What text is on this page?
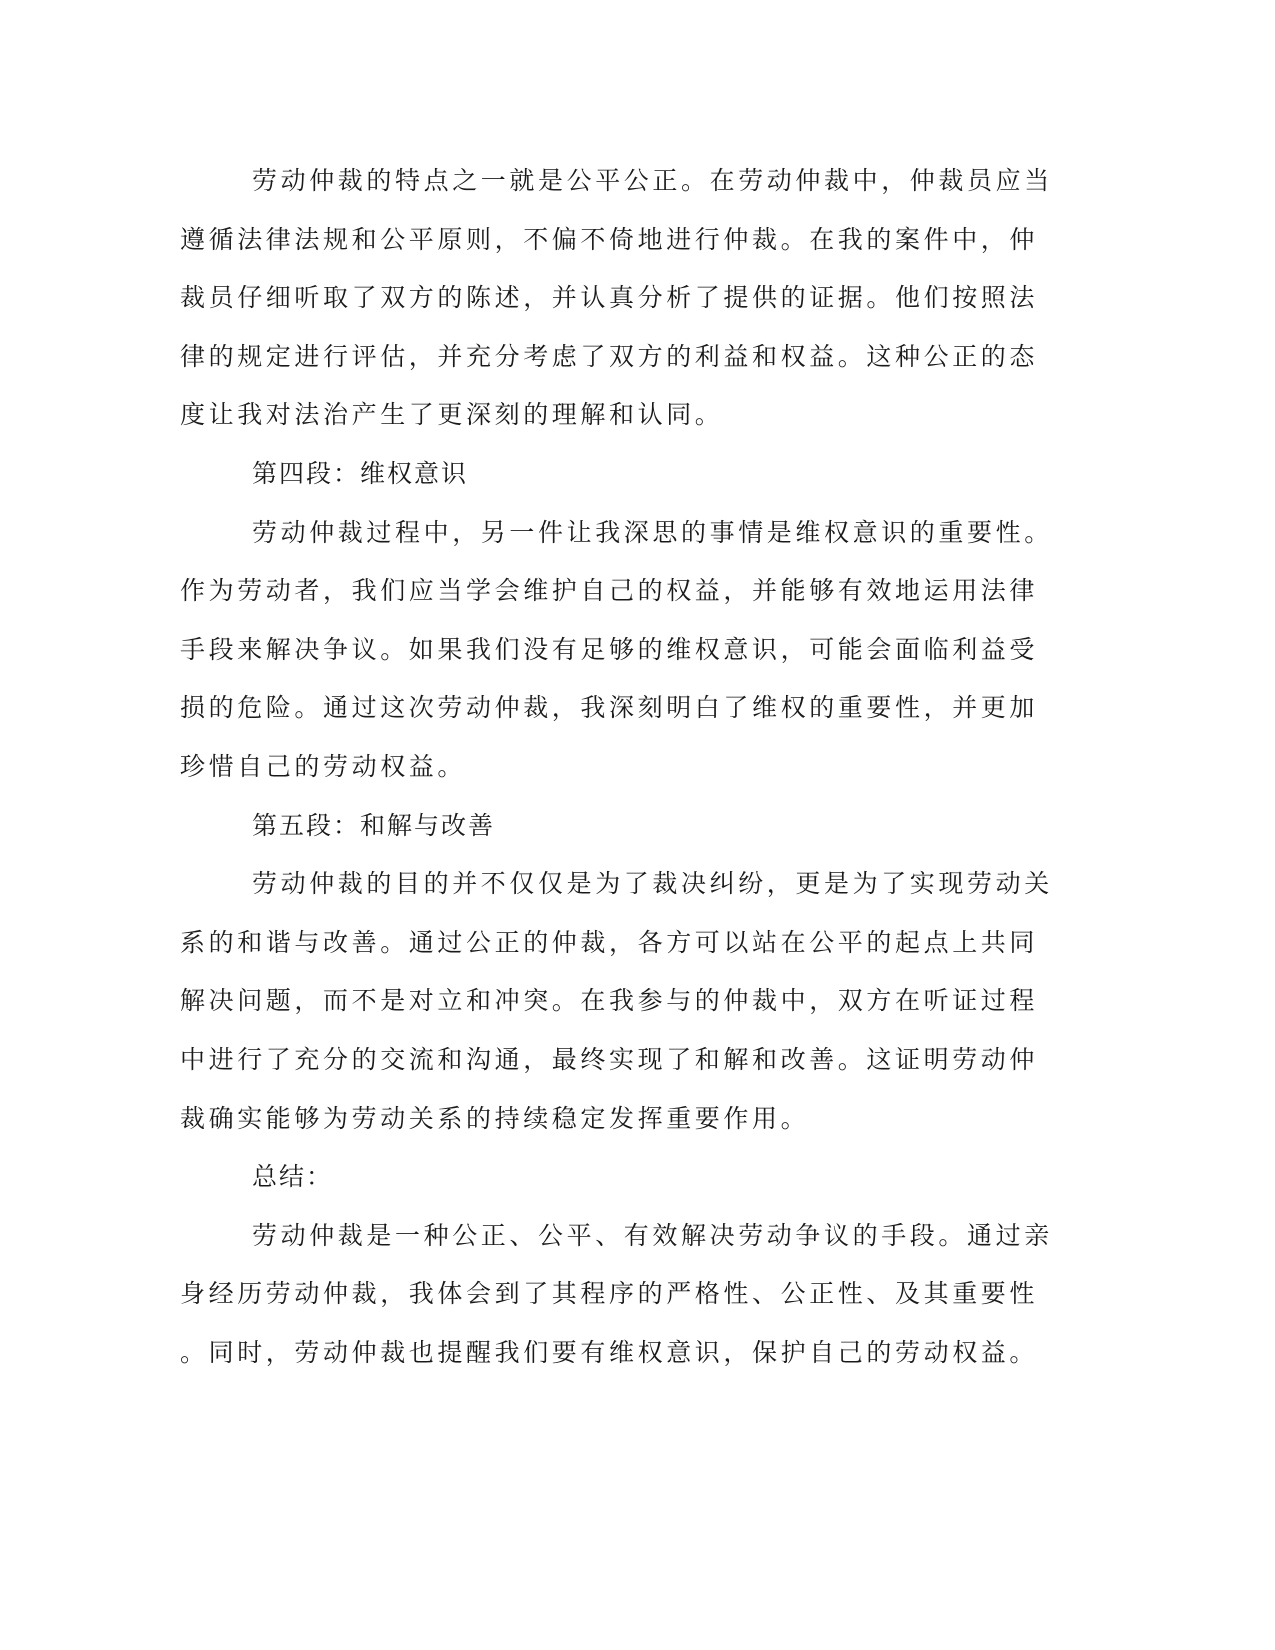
劳动仲裁的特点之一就是公平公正。在劳动仲裁中，仲裁员应当
遵循法律法规和公平原则，不偏不倚地进行仲裁。在我的案件中，仲
裁员仔细听取了双方的陈述，并认真分析了提供的证据。他们按照法
律的规定进行评估，并充分考虑了双方的利益和权益。这种公正的态
度让我对法治产生了更深刻的理解和认同。
第四段：维权意识
劳动仲裁过程中，另一件让我深思的事情是维权意识的重要性。
作为劳动者，我们应当学会维护自己的权益，并能够有效地运用法律
手段来解决争议。如果我们没有足够的维权意识，可能会面临利益受
损的危险。通过这次劳动仲裁，我深刻明白了维权的重要性，并更加
珍惜自己的劳动权益。
第五段：和解与改善
劳动仲裁的目的并不仅仅是为了裁决纠纷，更是为了实现劳动关
系的和谐与改善。通过公正的仲裁，各方可以站在公平的起点上共同
解决问题，而不是对立和冲突。在我参与的仲裁中，双方在听证过程
中进行了充分的交流和沟通，最终实现了和解和改善。这证明劳动仲
裁确实能够为劳动关系的持续稳定发挥重要作用。
总结：
劳动仲裁是一种公正、公平、有效解决劳动争议的手段。通过亲
身经历劳动仲裁，我体会到了其程序的严格性、公正性、及其重要性
。同时，劳动仲裁也提醒我们要有维权意识，保护自己的劳动权益。
